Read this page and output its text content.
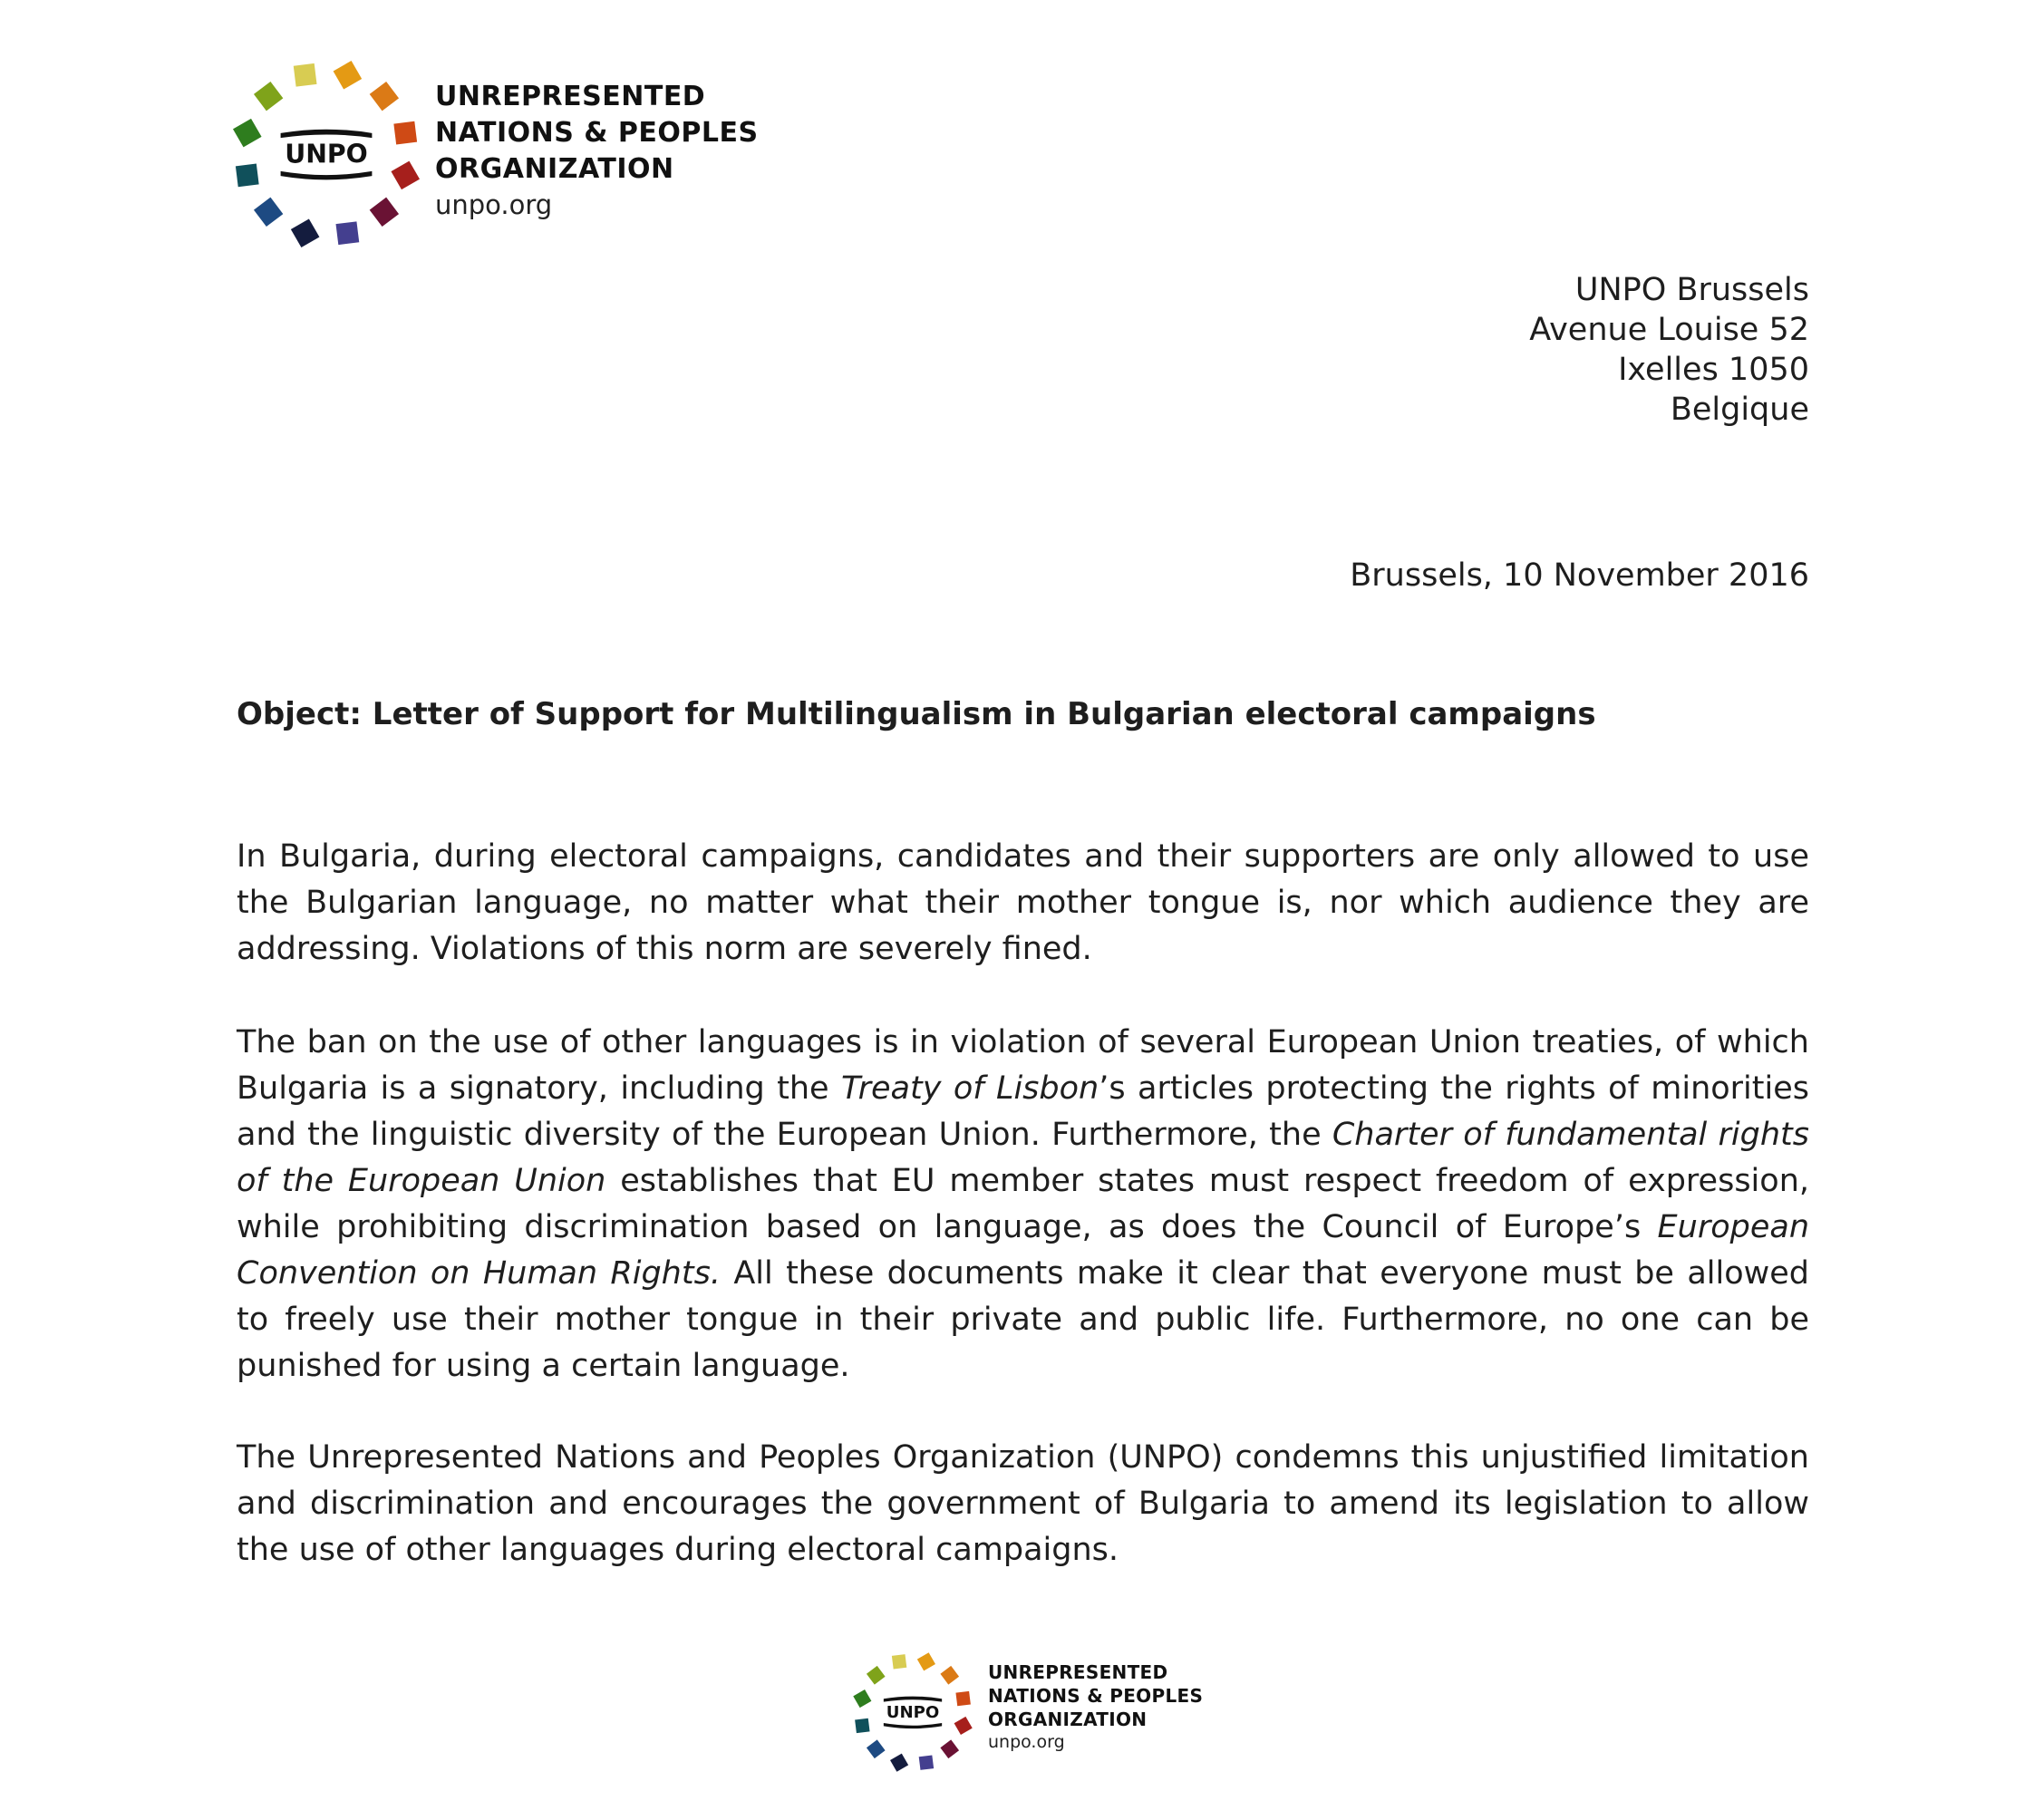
UNPO
UNREPRESENTED
NATIONS & PEOPLES
ORGANIZATION
unpo.org
UNPO Brussels
Avenue Louise 52
Ixelles 1050
Belgique
Brussels, 10 November 2016
Object: Letter of Support for Multilingualism in Bulgarian electoral campaigns
In Bulgaria, during electoral campaigns, candidates and their supporters are only allowed to use the Bulgarian language, no matter what their mother tongue is, nor which audience they are addressing. Violations of this norm are severely fined.
The ban on the use of other languages is in violation of several European Union treaties, of which Bulgaria is a signatory, including the Treaty of Lisbon’s articles protecting the rights of minorities and the linguistic diversity of the European Union. Furthermore, the Charter of fundamental rights of the European Union establishes that EU member states must respect freedom of expression, while prohibiting discrimination based on language, as does the Council of Europe’s European Convention on Human Rights. All these documents make it clear that everyone must be allowed to freely use their mother tongue in their private and public life. Furthermore, no one can be punished for using a certain language.
The Unrepresented Nations and Peoples Organization (UNPO) condemns this unjustified limitation and discrimination and encourages the government of Bulgaria to amend its legislation to allow the use of other languages during electoral campaigns.
UNPO
UNREPRESENTED
NATIONS & PEOPLES
ORGANIZATION
unpo.org
